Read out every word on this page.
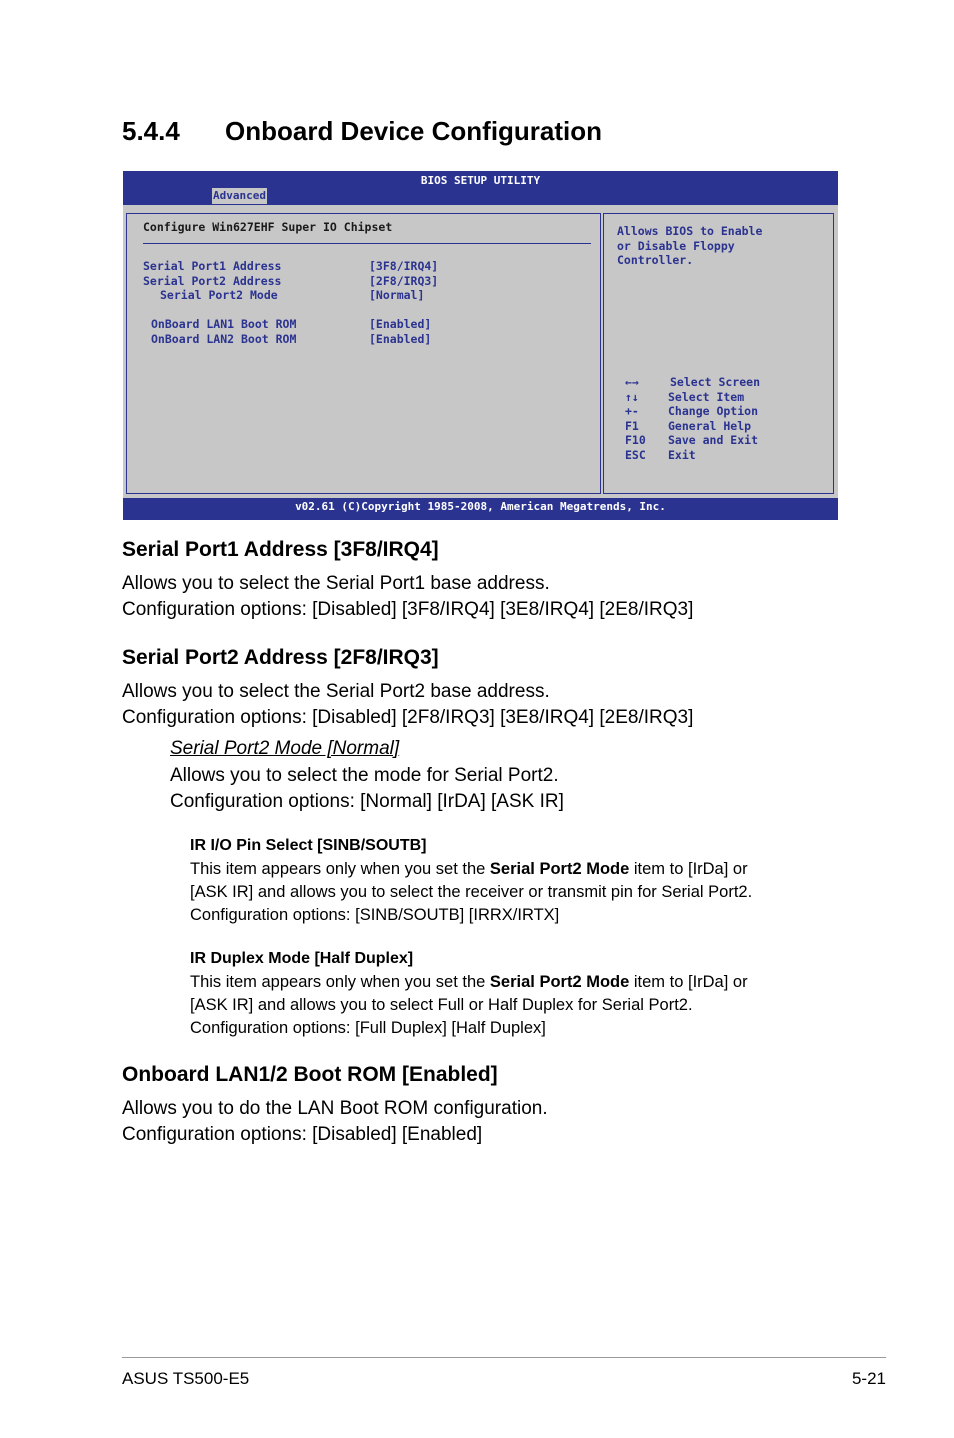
5.4.4 Onboard Device Configuration
BIOS SETUP UTILITY
Advanced
Configure Win627EHF Super IO Chipset
Serial Port1 Address	[3F8/IRQ4]
Serial Port2 Address	[2F8/IRQ3]
Serial Port2 Mode	[Normal]
OnBoard LAN1 Boot ROM	[Enabled]
OnBoard LAN2 Boot ROM	[Enabled]
Allows BIOS to Enable
or Disable Floppy
Controller.
←→	Select Screen
↑↓	Select Item
+-	Change Option
F1	General Help
F10 Save and Exit
ESC Exit
v02.61 (C)Copyright 1985-2008, American Megatrends, Inc.
Serial Port1 Address [3F8/IRQ4]
Allows you to select the Serial Port1 base address.
Configuration options: [Disabled] [3F8/IRQ4] [3E8/IRQ4] [2E8/IRQ3]
Serial Port2 Address [2F8/IRQ3]
Allows you to select the Serial Port2 base address.
Configuration options: [Disabled] [2F8/IRQ3] [3E8/IRQ4] [2E8/IRQ3]
Serial Port2 Mode [Normal]
Allows you to select the mode for Serial Port2.
Configuration options: [Normal] [IrDA] [ASK IR]
IR I/O Pin Select [SINB/SOUTB]
This item appears only when you set the Serial Port2 Mode item to [IrDa] or
[ASK IR] and allows you to select the receiver or transmit pin for Serial Port2.
Configuration options: [SINB/SOUTB] [IRRX/IRTX]
IR Duplex Mode [Half Duplex]
This item appears only when you set the Serial Port2 Mode item to [IrDa] or
[ASK IR] and allows you to select Full or Half Duplex for Serial Port2.
Configuration options: [Full Duplex] [Half Duplex]
Onboard LAN1/2 Boot ROM [Enabled]
Allows you to do the LAN Boot ROM configuration.
Configuration options: [Disabled] [Enabled]
ASUS TS500-E5	5-21
